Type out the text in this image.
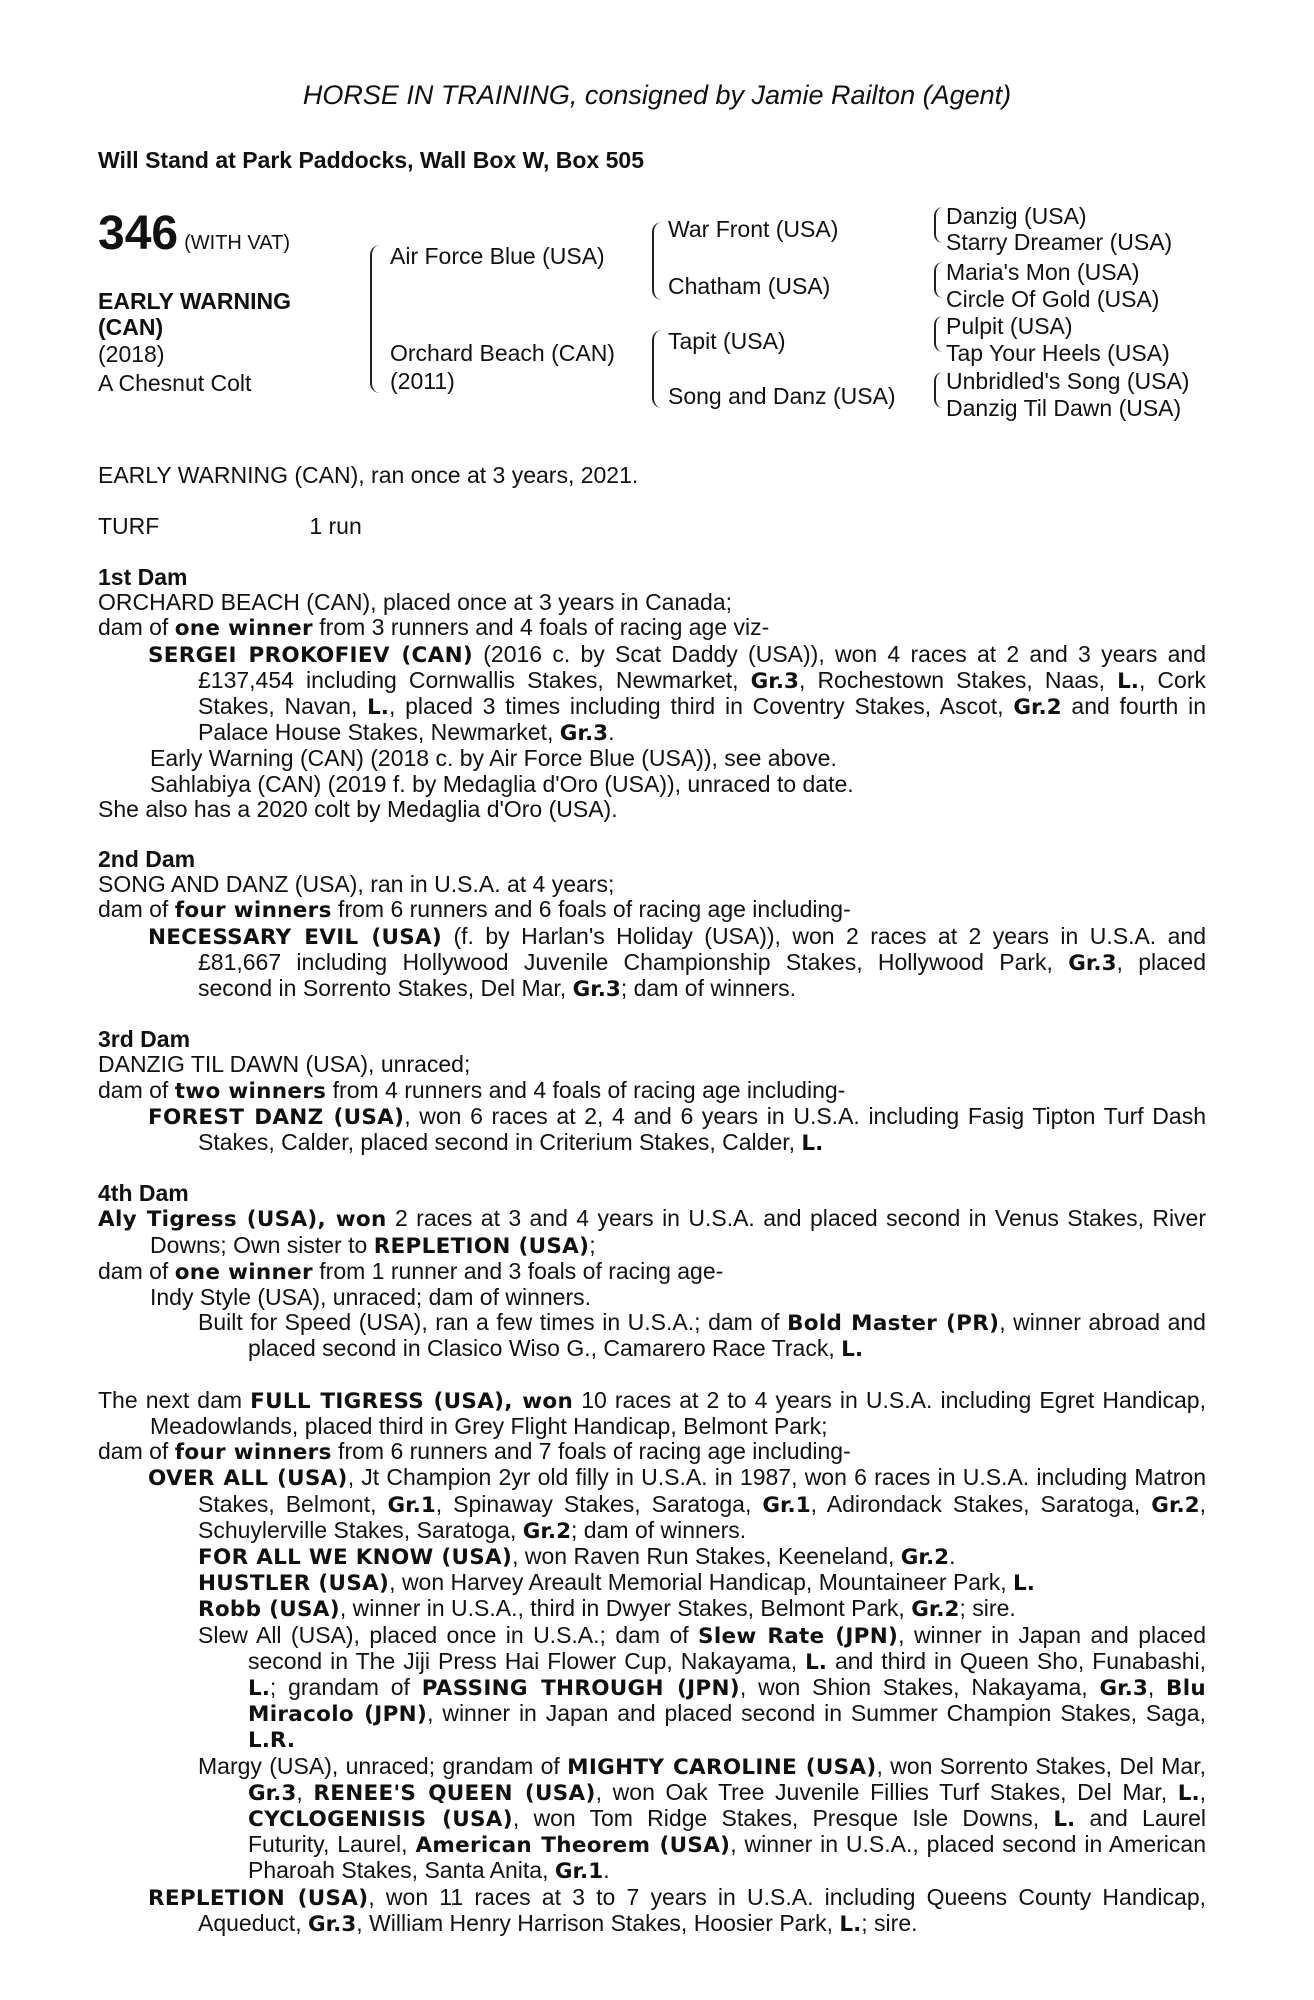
HORSE IN TRAINING, consigned by Jamie Railton (Agent)
Will Stand at Park Paddocks, Wall Box W, Box 505
346 (WITH VAT)
EARLY WARNING (CAN)
(2018)
A Chesnut Colt
Air Force Blue (USA)
Orchard Beach (CAN)
(2011)
War Front (USA)
Chatham (USA)
Tapit (USA)
Song and Danz (USA)
Danzig (USA)
Starry Dreamer (USA)
Maria's Mon (USA)
Circle Of Gold (USA)
Pulpit (USA)
Tap Your Heels (USA)
Unbridled's Song (USA)
Danzig Til Dawn (USA)

EARLY WARNING (CAN), ran once at 3 years, 2021.

TURF	1 run

1st Dam

ORCHARD BEACH (CAN), placed once at 3 years in Canada;

dam of one winner from 3 runners and 4 foals of racing age viz-

SERGEI PROKOFIEV (CAN) (2016 c. by Scat Daddy (USA)), won 4 races at 2 and 3 years and £137,454 including Cornwallis Stakes, Newmarket, Gr.3, Rochestown Stakes, Naas, L., Cork Stakes, Navan, L., placed 3 times including third in Coventry Stakes, Ascot, Gr.2 and fourth in Palace House Stakes, Newmarket, Gr.3.

Early Warning (CAN) (2018 c. by Air Force Blue (USA)), see above.

Sahlabiya (CAN) (2019 f. by Medaglia d'Oro (USA)), unraced to date.

She also has a 2020 colt by Medaglia d'Oro (USA).

2nd Dam

SONG AND DANZ (USA), ran in U.S.A. at 4 years;

dam of four winners from 6 runners and 6 foals of racing age including-

NECESSARY EVIL (USA) (f. by Harlan's Holiday (USA)), won 2 races at 2 years in U.S.A. and £81,667 including Hollywood Juvenile Championship Stakes, Hollywood Park, Gr.3, placed second in Sorrento Stakes, Del Mar, Gr.3; dam of winners.

3rd Dam

DANZIG TIL DAWN (USA), unraced;

dam of two winners from 4 runners and 4 foals of racing age including-

FOREST DANZ (USA), won 6 races at 2, 4 and 6 years in U.S.A. including Fasig Tipton Turf Dash Stakes, Calder, placed second in Criterium Stakes, Calder, L.

4th Dam

Aly Tigress (USA), won 2 races at 3 and 4 years in U.S.A. and placed second in Venus Stakes, River Downs; Own sister to REPLETION (USA);

dam of one winner from 1 runner and 3 foals of racing age-

Indy Style (USA), unraced; dam of winners.

Built for Speed (USA), ran a few times in U.S.A.; dam of Bold Master (PR), winner abroad and placed second in Clasico Wiso G., Camarero Race Track, L.

The next dam FULL TIGRESS (USA), won 10 races at 2 to 4 years in U.S.A. including Egret Handicap, Meadowlands, placed third in Grey Flight Handicap, Belmont Park;

dam of four winners from 6 runners and 7 foals of racing age including-

OVER ALL (USA), Jt Champion 2yr old filly in U.S.A. in 1987, won 6 races in U.S.A. including Matron Stakes, Belmont, Gr.1, Spinaway Stakes, Saratoga, Gr.1, Adirondack Stakes, Saratoga, Gr.2, Schuylerville Stakes, Saratoga, Gr.2; dam of winners.

FOR ALL WE KNOW (USA), won Raven Run Stakes, Keeneland, Gr.2.

HUSTLER (USA), won Harvey Areault Memorial Handicap, Mountaineer Park, L.

Robb (USA), winner in U.S.A., third in Dwyer Stakes, Belmont Park, Gr.2; sire.

Slew All (USA), placed once in U.S.A.; dam of Slew Rate (JPN), winner in Japan and placed second in The Jiji Press Hai Flower Cup, Nakayama, L. and third in Queen Sho, Funabashi, L.; grandam of PASSING THROUGH (JPN), won Shion Stakes, Nakayama, Gr.3, Blu Miracolo (JPN), winner in Japan and placed second in Summer Champion Stakes, Saga, L.R.

Margy (USA), unraced; grandam of MIGHTY CAROLINE (USA), won Sorrento Stakes, Del Mar, Gr.3, RENEE'S QUEEN (USA), won Oak Tree Juvenile Fillies Turf Stakes, Del Mar, L., CYCLOGENISIS (USA), won Tom Ridge Stakes, Presque Isle Downs, L. and Laurel Futurity, Laurel, American Theorem (USA), winner in U.S.A., placed second in American Pharoah Stakes, Santa Anita, Gr.1.

REPLETION (USA), won 11 races at 3 to 7 years in U.S.A. including Queens County Handicap, Aqueduct, Gr.3, William Henry Harrison Stakes, Hoosier Park, L.; sire.
